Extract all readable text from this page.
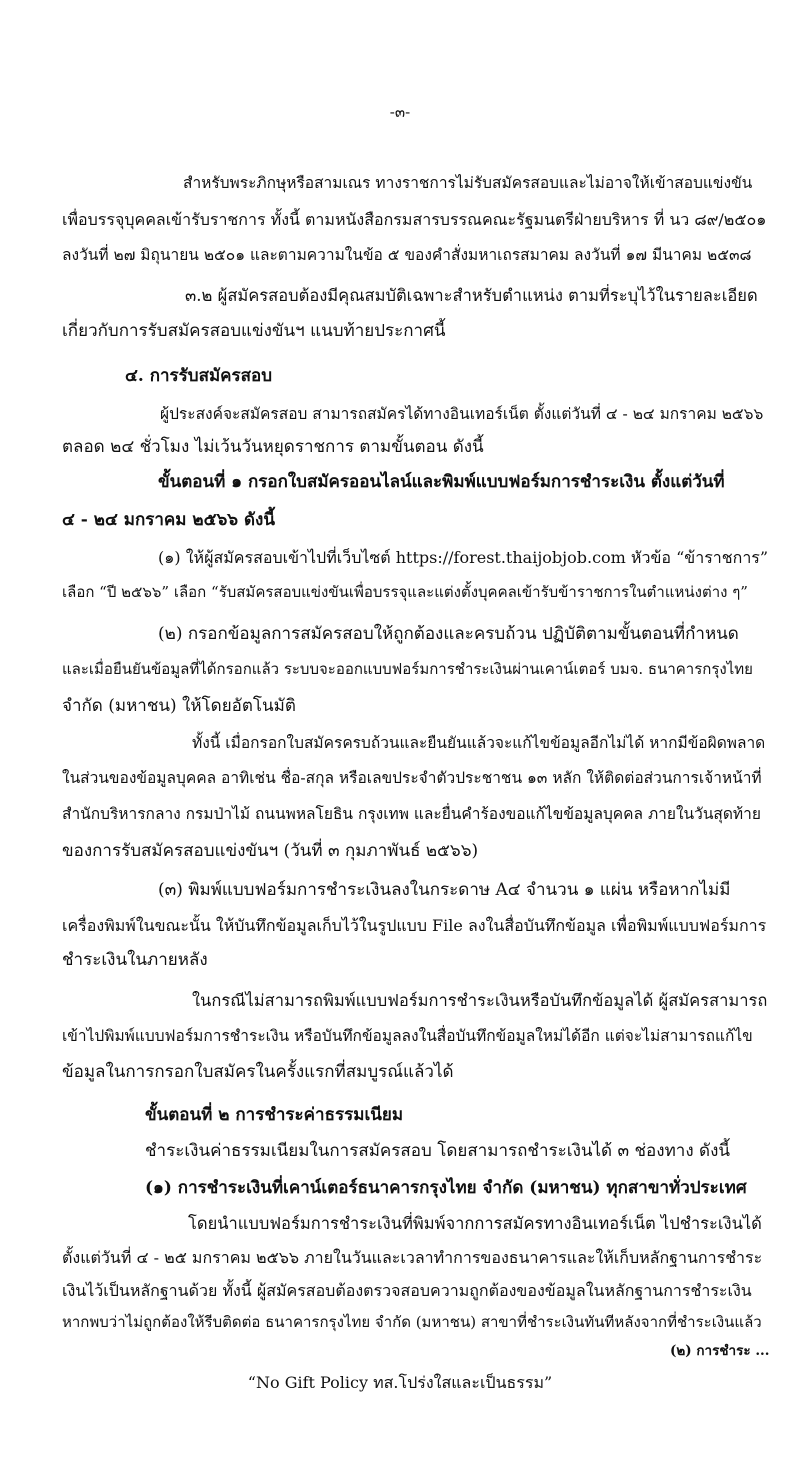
-๓-
สำหรับพระภิกษุหรือสามเณร ทางราชการไม่รับสมัครสอบและไม่อาจให้เข้าสอบแข่งขัน
เพื่อบรรจุบุคคลเข้ารับราชการ ทั้งนี้ ตามหนังสือกรมสารบรรณคณะรัฐมนตรีฝ่ายบริหาร ที่ นว ๘๙/๒๕๐๑
ลงวันที่ ๒๗ มิถุนายน ๒๕๐๑ และตามความในข้อ ๕ ของคำสั่งมหาเถรสมาคม ลงวันที่ ๑๗ มีนาคม ๒๕๓๘
๓.๒ ผู้สมัครสอบต้องมีคุณสมบัติเฉพาะสำหรับตำแหน่ง ตามที่ระบุไว้ในรายละเอียด
เกี่ยวกับการรับสมัครสอบแข่งขันฯ แนบท้ายประกาศนี้
๔. การรับสมัครสอบ
ผู้ประสงค์จะสมัครสอบ สามารถสมัครได้ทางอินเทอร์เน็ต ตั้งแต่วันที่ ๔ - ๒๔ มกราคม ๒๕๖๖
ตลอด ๒๔ ชั่วโมง ไม่เว้นวันหยุดราชการ ตามขั้นตอน ดังนี้
ขั้นตอนที่ ๑ กรอกใบสมัครออนไลน์และพิมพ์แบบฟอร์มการชำระเงิน ตั้งแต่วันที่
๔ - ๒๔ มกราคม ๒๕๖๖ ดังนี้
(๑) ให้ผู้สมัครสอบเข้าไปที่เว็บไซต์ https://forest.thaijobjob.com หัวข้อ “ข้าราชการ”
เลือก “ปี ๒๕๖๖” เลือก “รับสมัครสอบแข่งขันเพื่อบรรจุและแต่งตั้งบุคคลเข้ารับข้าราชการในตำแหน่งต่าง ๆ”
(๒) กรอกข้อมูลการสมัครสอบให้ถูกต้องและครบถ้วน ปฏิบัติตามขั้นตอนที่กำหนด
และเมื่อยืนยันข้อมูลที่ได้กรอกแล้ว ระบบจะออกแบบฟอร์มการชำระเงินผ่านเคาน์เตอร์ บมจ. ธนาคารกรุงไทย
จำกัด (มหาชน) ให้โดยอัตโนมัติ
ทั้งนี้ เมื่อกรอกใบสมัครครบถ้วนและยืนยันแล้วจะแก้ไขข้อมูลอีกไม่ได้ หากมีข้อผิดพลาด
ในส่วนของข้อมูลบุคคล อาทิเช่น ชื่อ-สกุล หรือเลขประจำตัวประชาชน ๑๓ หลัก ให้ติดต่อส่วนการเจ้าหน้าที่
สำนักบริหารกลาง กรมป่าไม้ ถนนพหลโยธิน กรุงเทพ และยื่นคำร้องขอแก้ไขข้อมูลบุคคล ภายในวันสุดท้าย
ของการรับสมัครสอบแข่งขันฯ (วันที่ ๓ กุมภาพันธ์ ๒๕๖๖)
(๓) พิมพ์แบบฟอร์มการชำระเงินลงในกระดาษ A๔ จำนวน ๑ แผ่น หรือหากไม่มี
เครื่องพิมพ์ในขณะนั้น ให้บันทึกข้อมูลเก็บไว้ในรูปแบบ File ลงในสื่อบันทึกข้อมูล เพื่อพิมพ์แบบฟอร์มการ
ชำระเงินในภายหลัง
ในกรณีไม่สามารถพิมพ์แบบฟอร์มการชำระเงินหรือบันทึกข้อมูลได้ ผู้สมัครสามารถ
เข้าไปพิมพ์แบบฟอร์มการชำระเงิน หรือบันทึกข้อมูลลงในสื่อบันทึกข้อมูลใหม่ได้อีก แต่จะไม่สามารถแก้ไข
ข้อมูลในการกรอกใบสมัครในครั้งแรกที่สมบูรณ์แล้วได้
ขั้นตอนที่ ๒ การชำระค่าธรรมเนียม
ชำระเงินค่าธรรมเนียมในการสมัครสอบ โดยสามารถชำระเงินได้ ๓ ช่องทาง ดังนี้
(๑) การชำระเงินที่เคาน์เตอร์ธนาคารกรุงไทย จำกัด (มหาชน) ทุกสาขาทั่วประเทศ
โดยนำแบบฟอร์มการชำระเงินที่พิมพ์จากการสมัครทางอินเทอร์เน็ต ไปชำระเงินได้
ตั้งแต่วันที่ ๔ - ๒๕ มกราคม ๒๕๖๖ ภายในวันและเวลาทำการของธนาคารและให้เก็บหลักฐานการชำระ
เงินไว้เป็นหลักฐานด้วย ทั้งนี้ ผู้สมัครสอบต้องตรวจสอบความถูกต้องของข้อมูลในหลักฐานการชำระเงิน
หากพบว่าไม่ถูกต้องให้รีบติดต่อ ธนาคารกรุงไทย จำกัด (มหาชน) สาขาที่ชำระเงินทันทีหลังจากที่ชำระเงินแล้ว
(๒) การชำระ ...
“No Gift Policy ทส.โปร่งใสและเป็นธรรม”
